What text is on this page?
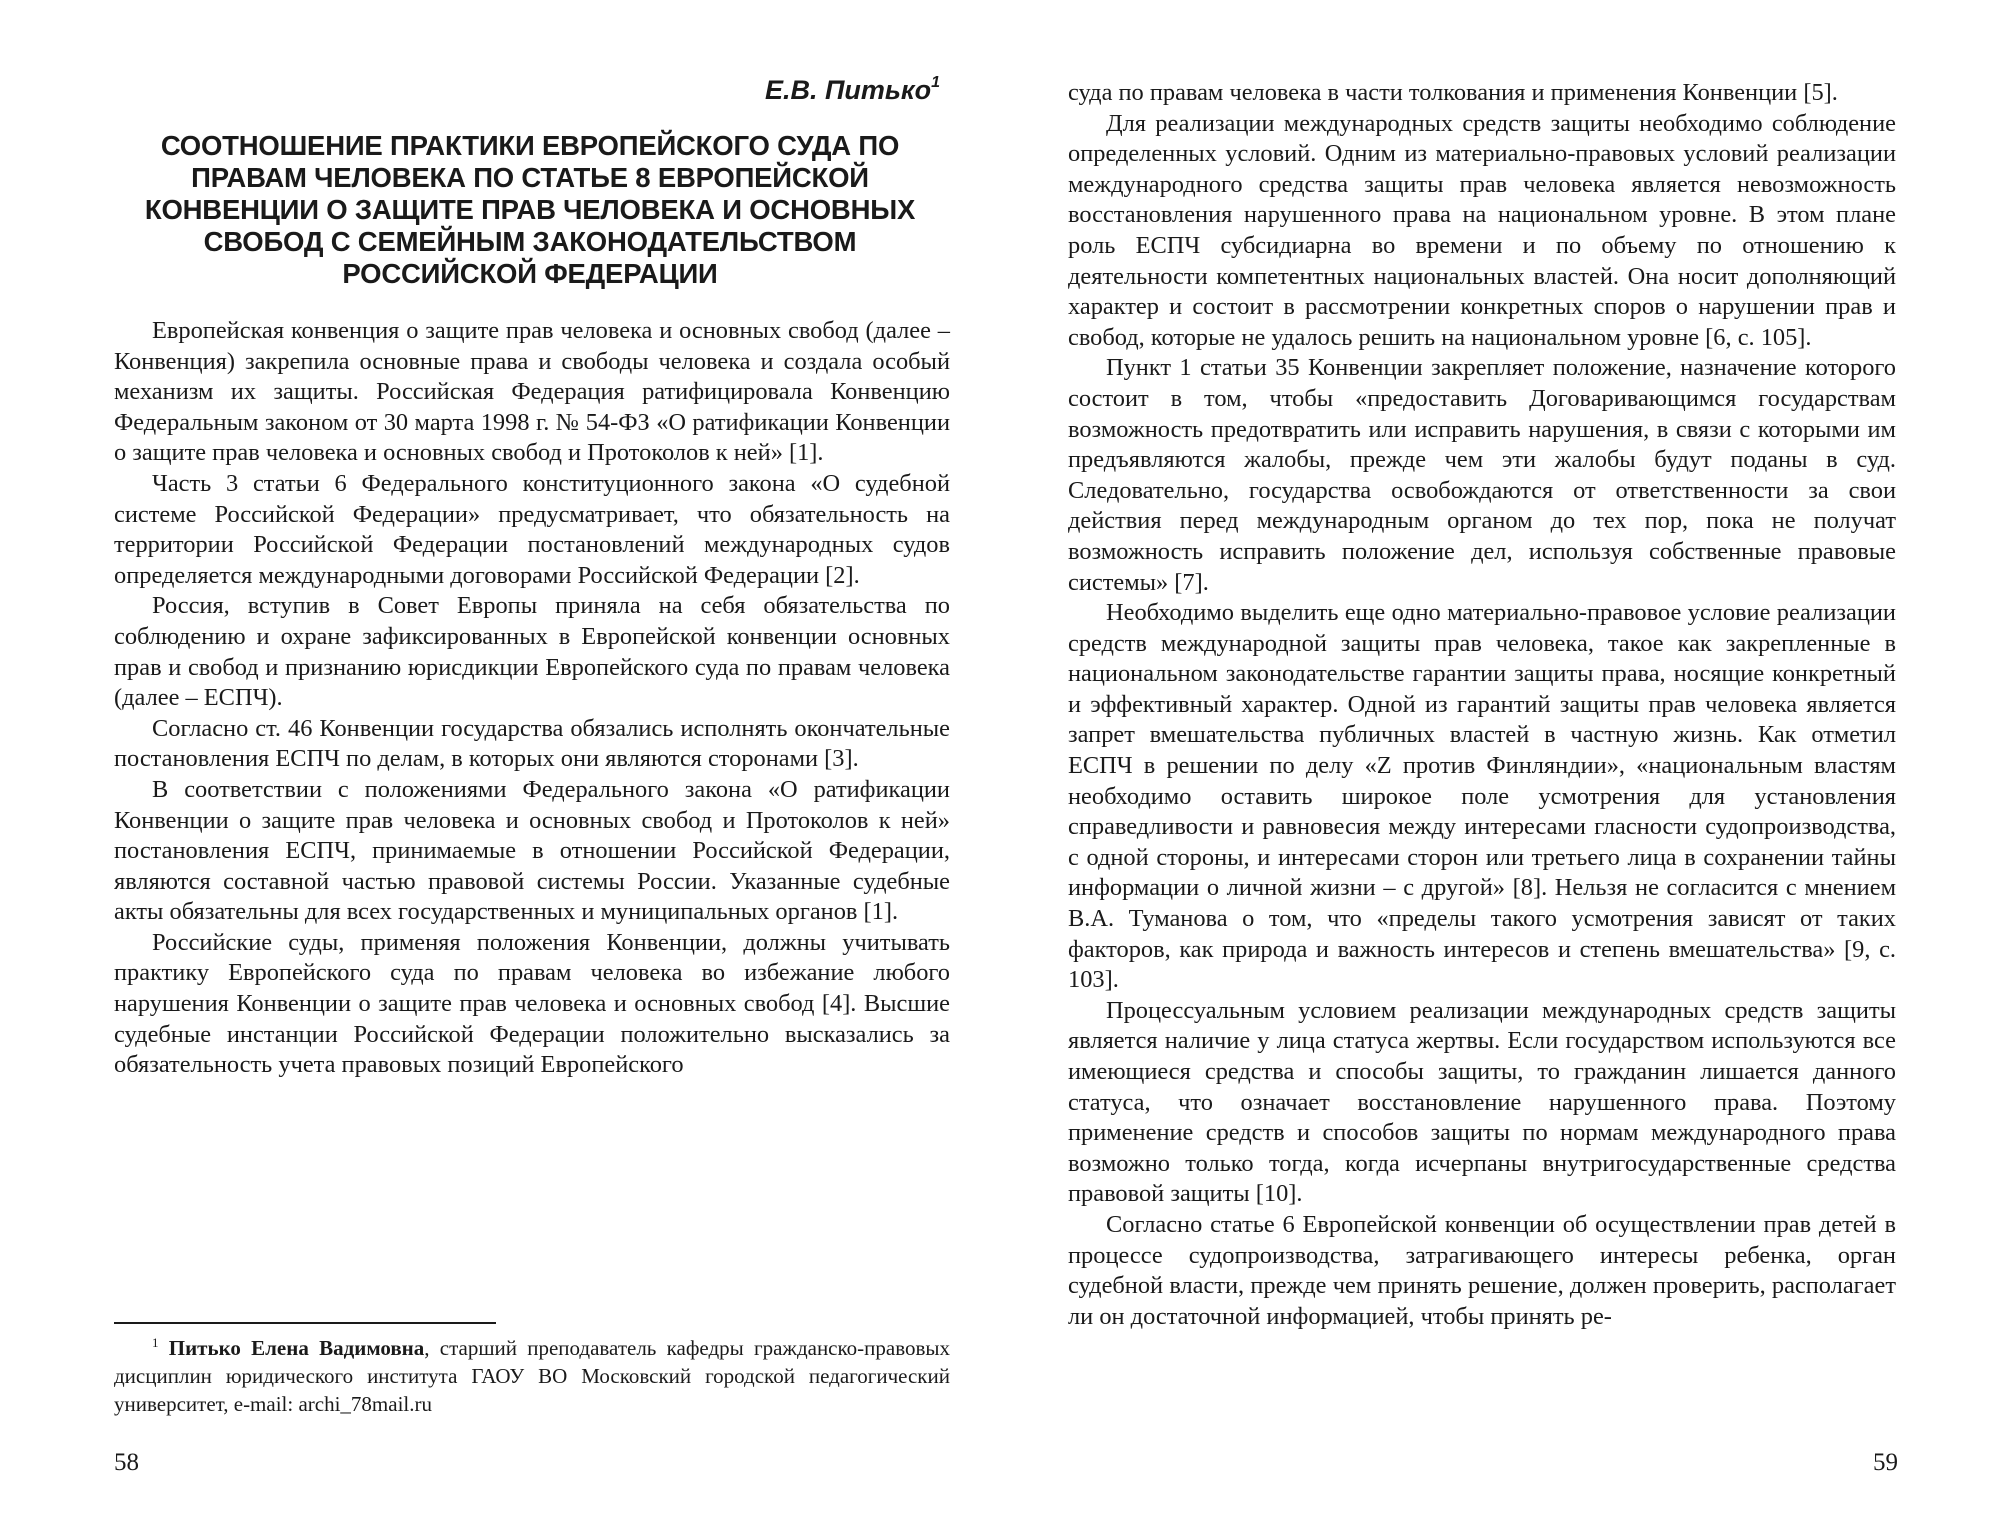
Е.В. Питько$^1$
СООТНОШЕНИЕ ПРАКТИКИ ЕВРОПЕЙСКОГО СУДА ПО
ПРАВАМ ЧЕЛОВЕКА ПО СТАТЬЕ 8 ЕВРОПЕЙСКОЙ
КОНВЕНЦИИ О ЗАЩИТЕ ПРАВ ЧЕЛОВЕКА И ОСНОВНЫХ
СВОБОД С СЕМЕЙНЫМ ЗАКОНОДАТЕЛЬСТВОМ
РОССИЙСКОЙ ФЕДЕРАЦИИ

Европейская конвенция о защите прав человека и основных свобод (далее – Конвенция) закрепила основные права и свободы человека и создала особый механизм их защиты. Российская Федерация ратифицировала Конвенцию Федеральным законом от 30 марта 1998 г. № 54-ФЗ «О ратификации Конвенции о защите прав человека и основных свобод и Протоколов к ней» [1].

Часть 3 статьи 6 Федерального конституционного закона «О судебной системе Российской Федерации» предусматривает, что обязательность на территории Российской Федерации постановлений международных судов определяется международными договорами Российской Федерации [2].

Россия, вступив в Совет Европы приняла на себя обязательства по соблюдению и охране зафиксированных в Европейской конвенции основных прав и свобод и признанию юрисдикции Европейского суда по правам человека (далее – ЕСПЧ).

Согласно ст. 46 Конвенции государства обязались исполнять окончательные постановления ЕСПЧ по делам, в которых они являются сторонами [3].

В соответствии с положениями Федерального закона «О ратификации Конвенции о защите прав человека и основных свобод и Протоколов к ней» постановления ЕСПЧ, принимаемые в отношении Российской Федерации, являются составной частью правовой системы России. Указанные судебные акты обязательны для всех государственных и муниципальных органов [1].

Российские суды, применяя положения Конвенции, должны учитывать практику Европейского суда по правам человека во избежание любого нарушения Конвенции о защите прав человека и основных свобод [4]. Высшие судебные инстанции Российской Федерации положительно высказались за обязательность учета правовых позиций Европейского

$^1$ Питько Елена Вадимовна, старший преподаватель кафедры гражданско-правовых дисциплин юридического института ГАОУ ВО Московский городской педагогический университет, e-mail: archi_78mail.ru
58

суда по правам человека в части толкования и применения Конвенции [5].

Для реализации международных средств защиты необходимо соблюдение определенных условий. Одним из материально-правовых условий реализации международного средства защиты прав человека является невозможность восстановления нарушенного права на национальном уровне. В этом плане роль ЕСПЧ субсидиарна во времени и по объему по отношению к деятельности компетентных национальных властей. Она носит дополняющий характер и состоит в рассмотрении конкретных споров о нарушении прав и свобод, которые не удалось решить на национальном уровне [6, с. 105].

Пункт 1 статьи 35 Конвенции закрепляет положение, назначение которого состоит в том, чтобы «предоставить Договаривающимся государствам возможность предотвратить или исправить нарушения, в связи с которыми им предъявляются жалобы, прежде чем эти жалобы будут поданы в суд. Следовательно, государства освобождаются от ответственности за свои действия перед международным органом до тех пор, пока не получат возможность исправить положение дел, используя собственные правовые системы» [7].

Необходимо выделить еще одно материально-правовое условие реализации средств международной защиты прав человека, такое как закрепленные в национальном законодательстве гарантии защиты права, носящие конкретный и эффективный характер. Одной из гарантий защиты прав человека является запрет вмешательства публичных властей в частную жизнь. Как отметил ЕСПЧ в решении по делу «Z против Финляндии», «национальным властям необходимо оставить широкое поле усмотрения для установления справедливости и равновесия между интересами гласности судопроизводства, с одной стороны, и интересами сторон или третьего лица в сохранении тайны информации о личной жизни – с другой» [8]. Нельзя не согласится с мнением В.А. Туманова о том, что «пределы такого усмотрения зависят от таких факторов, как природа и важность интересов и степень вмешательства» [9, с. 103].

Процессуальным условием реализации международных средств защиты является наличие у лица статуса жертвы. Если государством используются все имеющиеся средства и способы защиты, то гражданин лишается данного статуса, что означает восстановление нарушенного права. Поэтому применение средств и способов защиты по нормам международного права возможно только тогда, когда исчерпаны внутригосударственные средства правовой защиты [10].

Согласно статье 6 Европейской конвенции об осуществлении прав детей в процессе судопроизводства, затрагивающего интересы ребенка, орган судебной власти, прежде чем принять решение, должен проверить, располагает ли он достаточной информацией, чтобы принять ре-

59
